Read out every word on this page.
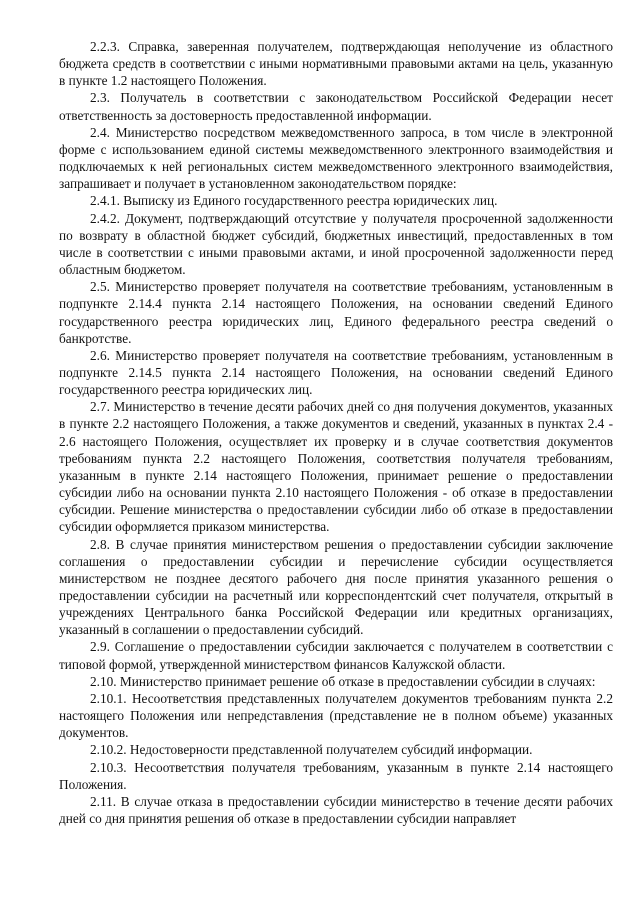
2.2.3. Справка, заверенная получателем, подтверждающая неполучение из областного бюджета средств в соответствии с иными нормативными правовыми актами на цель, указанную в пункте 1.2 настоящего Положения.

2.3. Получатель в соответствии с законодательством Российской Федерации несет ответственность за достоверность предоставленной информации.

2.4. Министерство посредством межведомственного запроса, в том числе в электронной форме с использованием единой системы межведомственного электронного взаимодействия и подключаемых к ней региональных систем межведомственного электронного взаимодействия, запрашивает и получает в установленном законодательством порядке:

2.4.1. Выписку из Единого государственного реестра юридических лиц.

2.4.2. Документ, подтверждающий отсутствие у получателя просроченной задолженности по возврату в областной бюджет субсидий, бюджетных инвестиций, предоставленных в том числе в соответствии с иными правовыми актами, и иной просроченной задолженности перед областным бюджетом.

2.5. Министерство проверяет получателя на соответствие требованиям, установленным в подпункте 2.14.4 пункта 2.14 настоящего Положения, на основании сведений Единого государственного реестра юридических лиц, Единого федерального реестра сведений о банкротстве.

2.6. Министерство проверяет получателя на соответствие требованиям, установленным в подпункте 2.14.5 пункта 2.14 настоящего Положения, на основании сведений Единого государственного реестра юридических лиц.

2.7. Министерство в течение десяти рабочих дней со дня получения документов, указанных в пункте 2.2 настоящего Положения, а также документов и сведений, указанных в пунктах 2.4 - 2.6 настоящего Положения, осуществляет их проверку и в случае соответствия документов требованиям пункта 2.2 настоящего Положения, соответствия получателя требованиям, указанным в пункте 2.14 настоящего Положения, принимает решение о предоставлении субсидии либо на основании пункта 2.10 настоящего Положения - об отказе в предоставлении субсидии. Решение министерства о предоставлении субсидии либо об отказе в предоставлении субсидии оформляется приказом министерства.

2.8. В случае принятия министерством решения о предоставлении субсидии заключение соглашения о предоставлении субсидии и перечисление субсидии осуществляется министерством не позднее десятого рабочего дня после принятия указанного решения о предоставлении субсидии на расчетный или корреспондентский счет получателя, открытый в учреждениях Центрального банка Российской Федерации или кредитных организациях, указанный в соглашении о предоставлении субсидий.

2.9. Соглашение о предоставлении субсидии заключается с получателем в соответствии с типовой формой, утвержденной министерством финансов Калужской области.

2.10. Министерство принимает решение об отказе в предоставлении субсидии в случаях:

2.10.1. Несоответствия представленных получателем документов требованиям пункта 2.2 настоящего Положения или непредставления (представление не в полном объеме) указанных документов.

2.10.2. Недостоверности представленной получателем субсидий информации.

2.10.3. Несоответствия получателя требованиям, указанным в пункте 2.14 настоящего Положения.

2.11. В случае отказа в предоставлении субсидии министерство в течение десяти рабочих дней со дня принятия решения об отказе в предоставлении субсидии направляет
